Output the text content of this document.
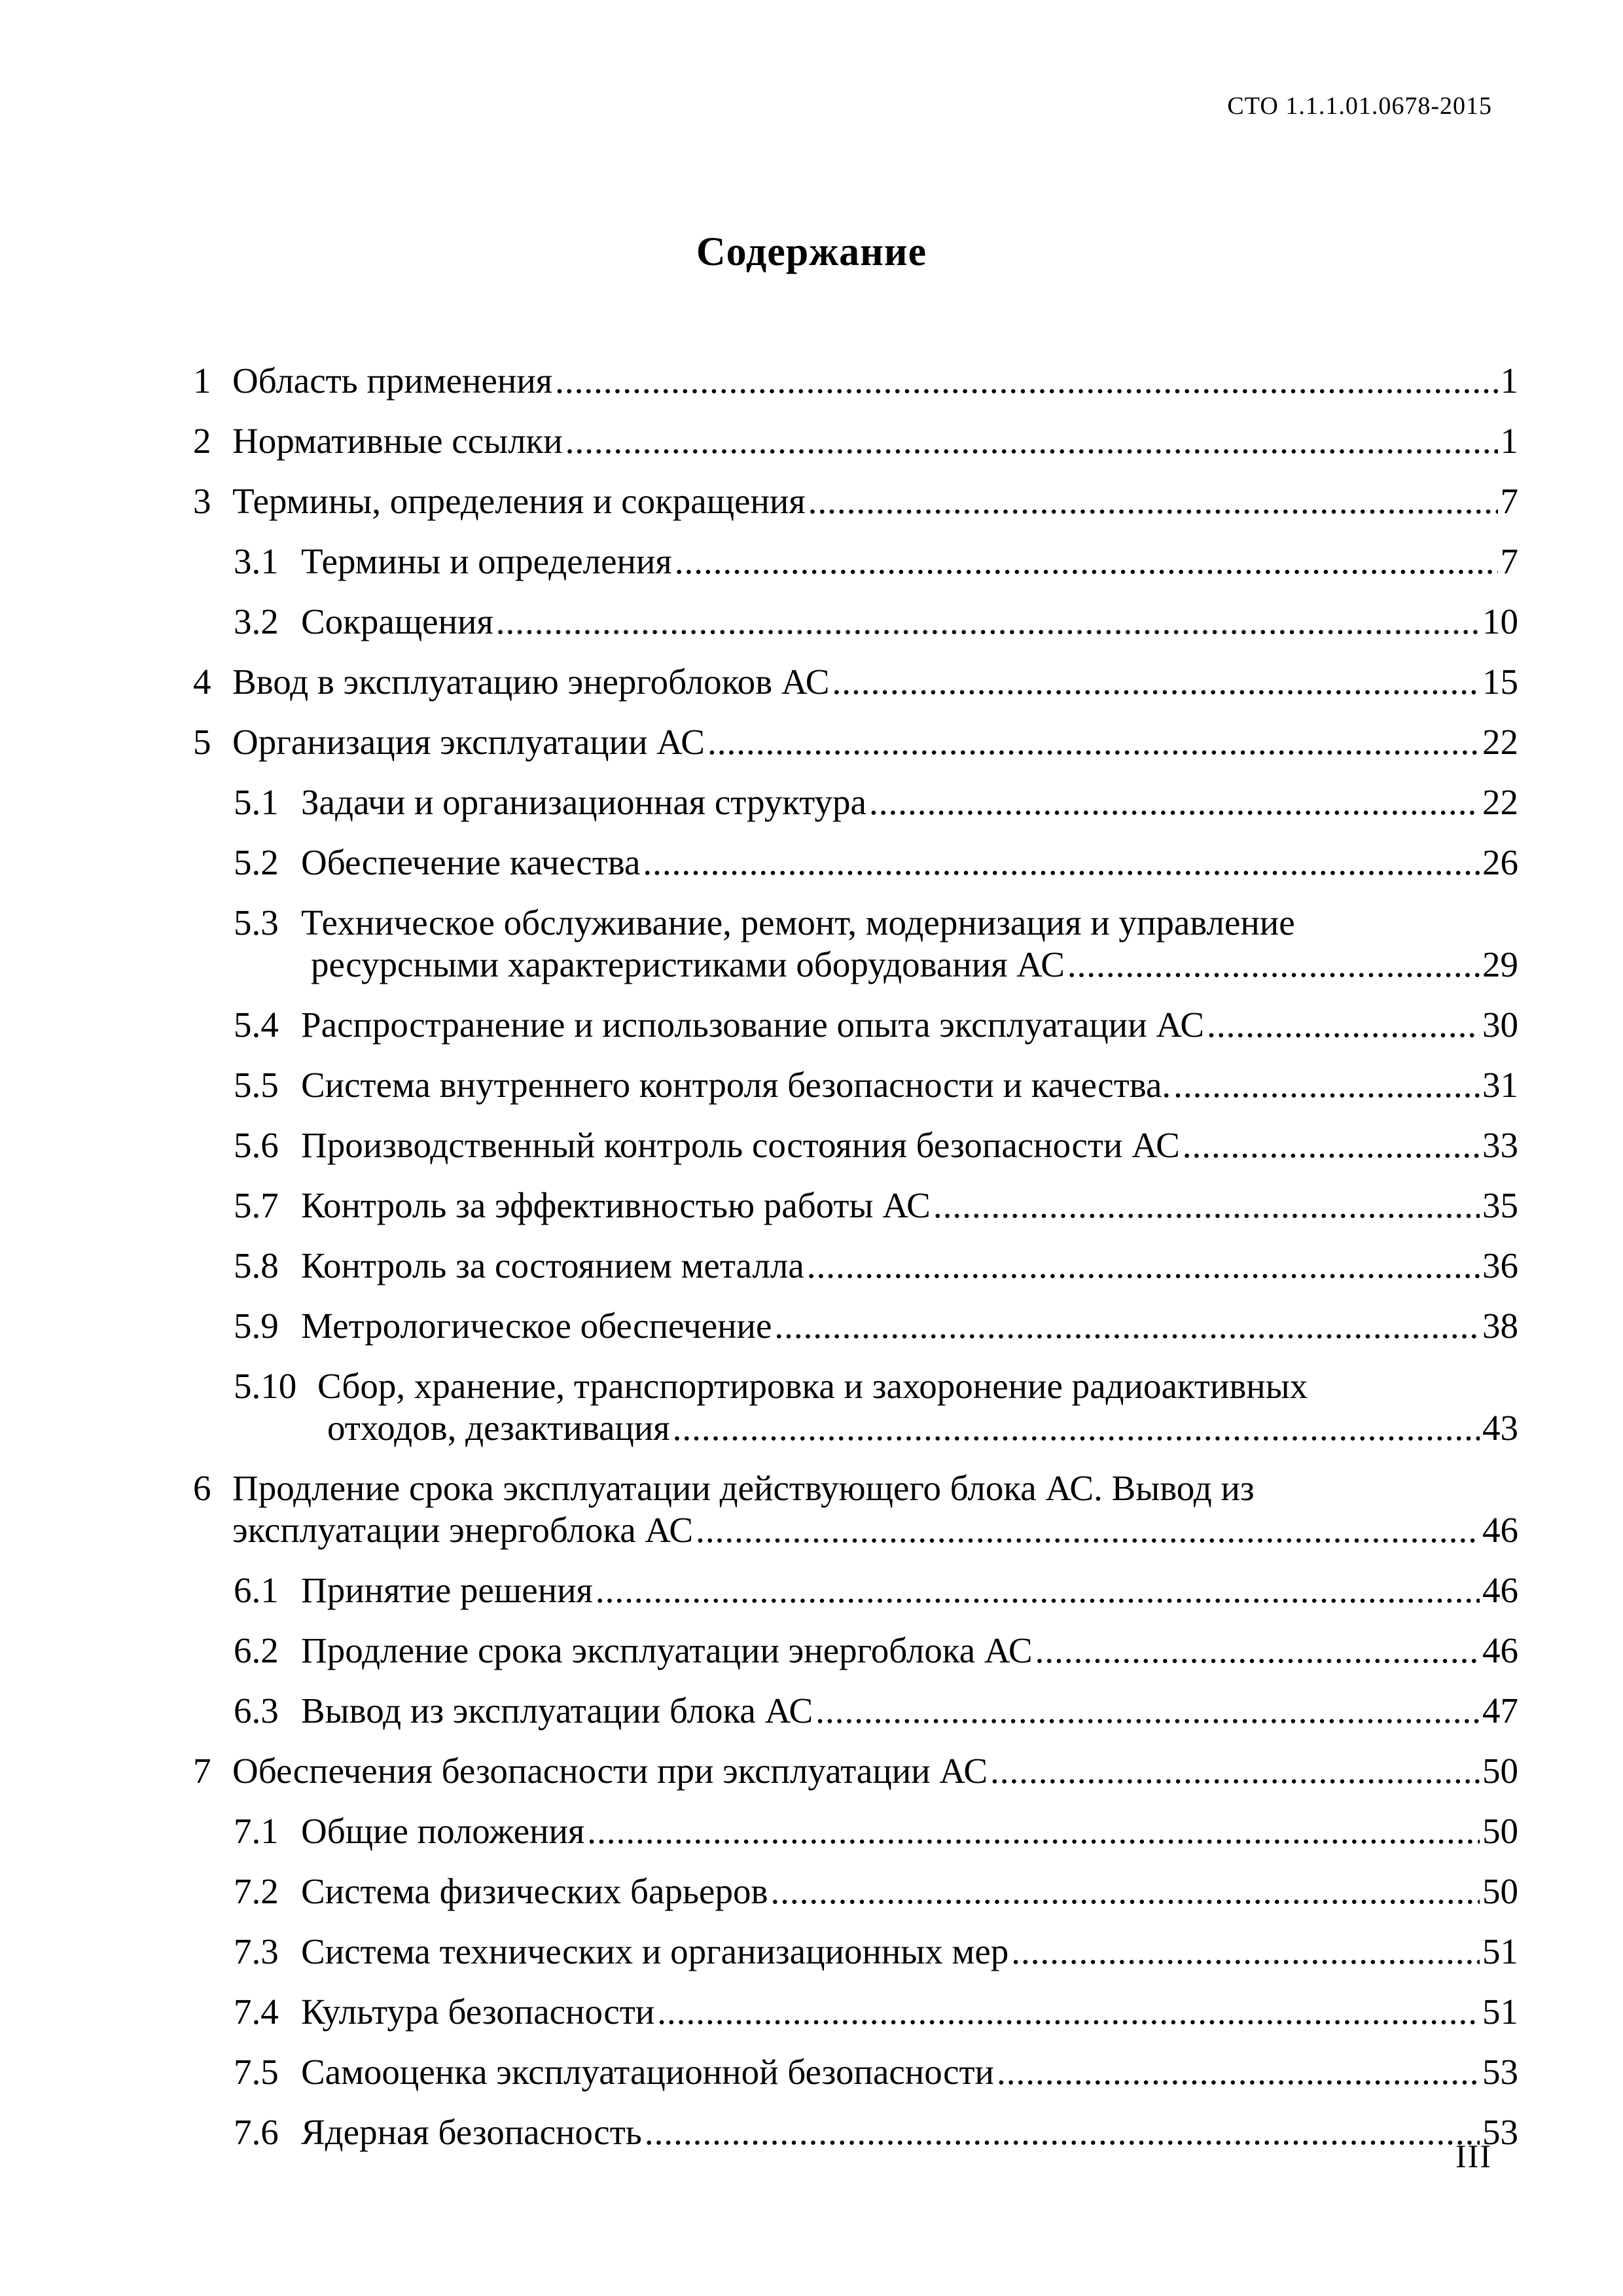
СТО 1.1.1.01.0678-2015
Содержание
1 Область применения .....	1
2 Нормативные ссылки .....	1
3 Термины, определения и сокращения .....	7
3.1 Термины и определения .....	7
3.2 Сокращения .....	10
4 Ввод в эксплуатацию энергоблоков АС .....	15
5 Организация эксплуатации АС .....	22
5.1 Задачи и организационная структура .....	22
5.2 Обеспечение качества .....	26
5.3 Техническое обслуживание, ремонт, модернизация и управление
ресурсными характеристиками оборудования АС .....	29
5.4 Распространение и использование опыта эксплуатации АС .....	30
5.5 Система внутреннего контроля безопасности и качества. .....	31
5.6 Производственный контроль состояния безопасности АС .....	33
5.7 Контроль за эффективностью работы АС .....	35
5.8 Контроль за состоянием металла .....	36
5.9 Метрологическое обеспечение .....	38
5.10 Сбор, хранение, транспортировка и захоронение радиоактивных
отходов, дезактивация .....	43
6 Продление срока эксплуатации действующего блока АС. Вывод из
эксплуатации энергоблока АС .....	46
6.1 Принятие решения .....	46
6.2 Продление срока эксплуатации энергоблока АС .....	46
6.3 Вывод из эксплуатации блока АС .....	47
7 Обеспечения безопасности при эксплуатации АС .....	50
7.1 Общие положения .....	50
7.2 Система физических барьеров .....	50
7.3 Система технических и организационных мер .....	51
7.4 Культура безопасности .....	51
7.5 Самооценка эксплуатационной безопасности .....	53
7.6 Ядерная безопасность .....	53
III
